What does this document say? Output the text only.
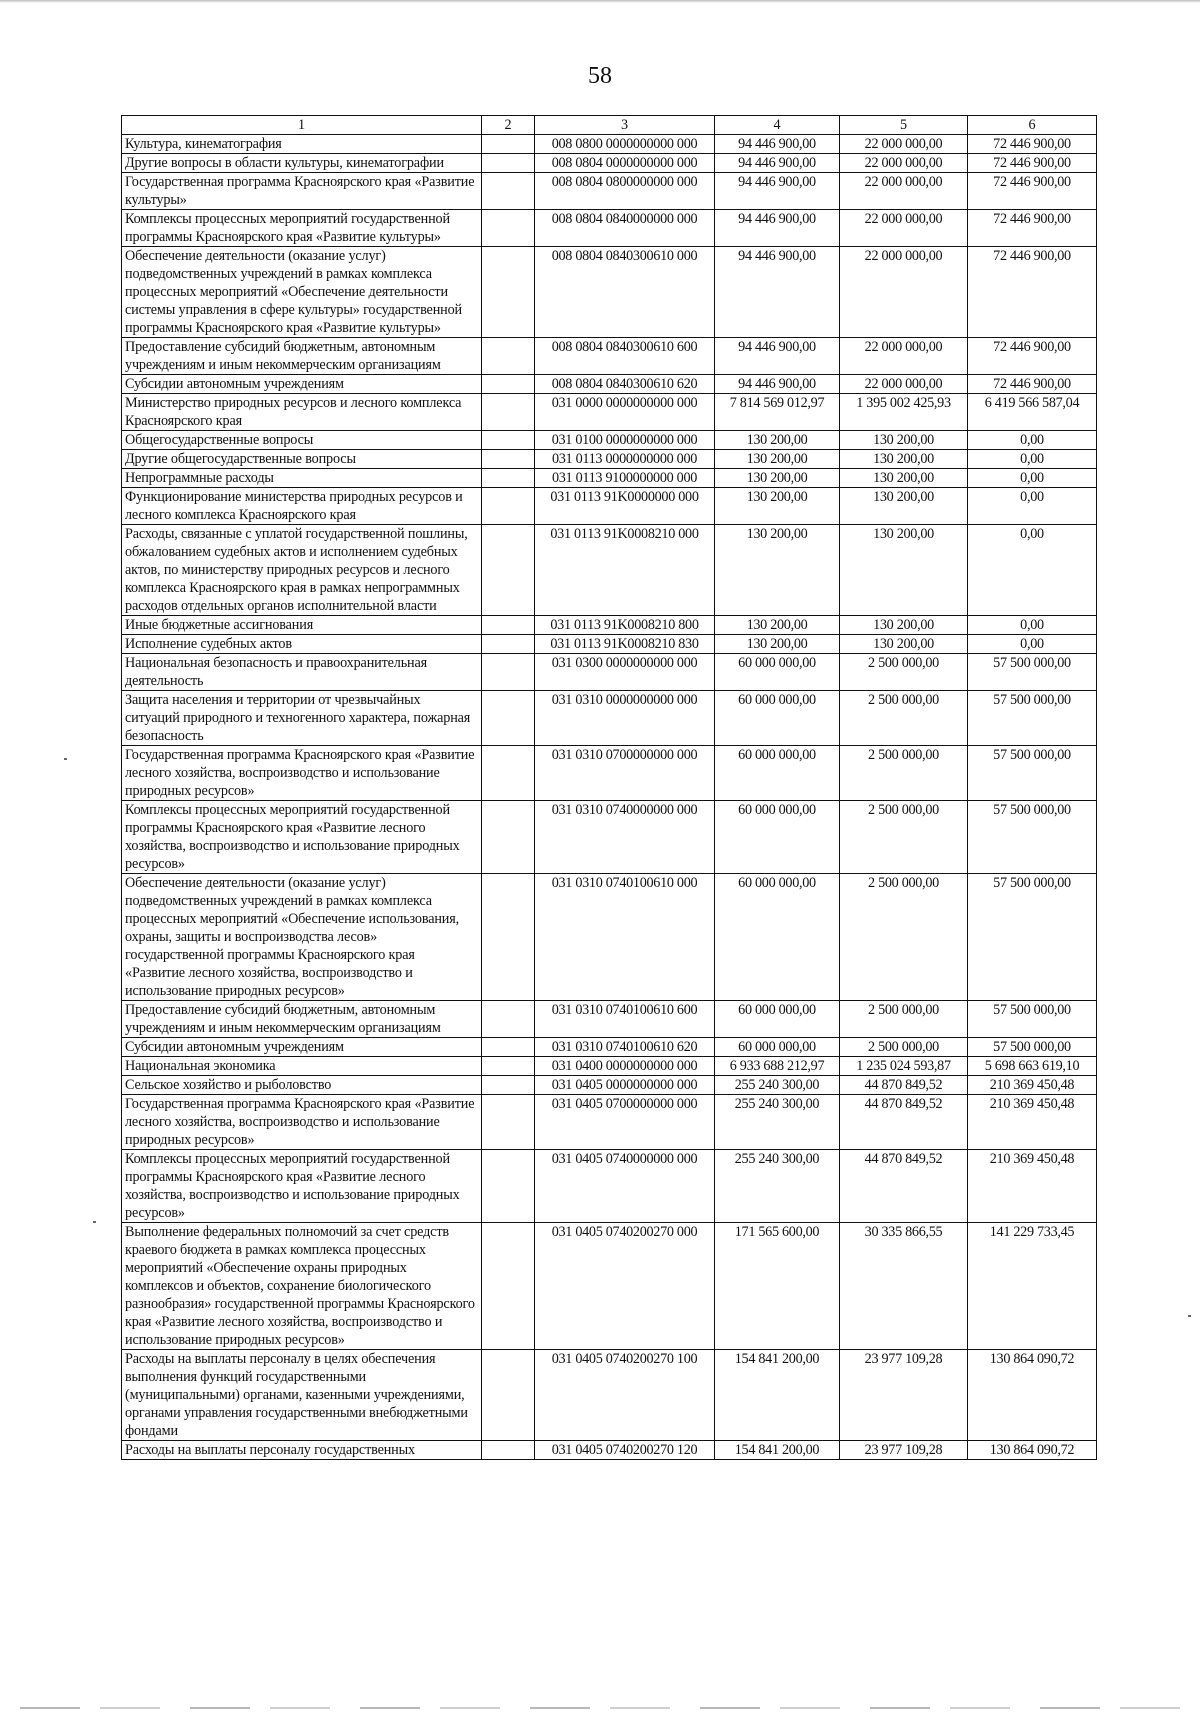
58
1	2	3	4	5	6
Культура, кинематография		008 0800 0000000000 000	94 446 900,00	22 000 000,00	72 446 900,00
Другие вопросы в области культуры, кинематографии		008 0804 0000000000 000	94 446 900,00	22 000 000,00	72 446 900,00
Государственная программа Красноярского края «Развитие культуры»		008 0804 0800000000 000	94 446 900,00	22 000 000,00	72 446 900,00
Комплексы процессных мероприятий государственной программы Красноярского края «Развитие культуры»		008 0804 0840000000 000	94 446 900,00	22 000 000,00	72 446 900,00
Обеспечение деятельности (оказание услуг) подведомственных учреждений в рамках комплекса процессных мероприятий «Обеспечение деятельности системы управления в сфере культуры» государственной программы Красноярского края «Развитие культуры»		008 0804 0840300610 000	94 446 900,00	22 000 000,00	72 446 900,00
Предоставление субсидий бюджетным, автономным учреждениям и иным некоммерческим организациям		008 0804 0840300610 600	94 446 900,00	22 000 000,00	72 446 900,00
Субсидии автономным учреждениям		008 0804 0840300610 620	94 446 900,00	22 000 000,00	72 446 900,00
Министерство природных ресурсов и лесного комплекса Красноярского края		031 0000 0000000000 000	7 814 569 012,97	1 395 002 425,93	6 419 566 587,04
Общегосударственные вопросы		031 0100 0000000000 000	130 200,00	130 200,00	0,00
Другие общегосударственные вопросы		031 0113 0000000000 000	130 200,00	130 200,00	0,00
Непрограммные расходы		031 0113 9100000000 000	130 200,00	130 200,00	0,00
Функционирование министерства природных ресурсов и лесного комплекса Красноярского края		031 0113 91K0000000 000	130 200,00	130 200,00	0,00
Расходы, связанные с уплатой государственной пошлины, обжалованием судебных актов и исполнением судебных актов, по министерству природных ресурсов и лесного комплекса Красноярского края в рамках непрограммных расходов отдельных органов исполнительной власти		031 0113 91K0008210 000	130 200,00	130 200,00	0,00
Иные бюджетные ассигнования		031 0113 91K0008210 800	130 200,00	130 200,00	0,00
Исполнение судебных актов		031 0113 91K0008210 830	130 200,00	130 200,00	0,00
Национальная безопасность и правоохранительная деятельность		031 0300 0000000000 000	60 000 000,00	2 500 000,00	57 500 000,00
Защита населения и территории от чрезвычайных ситуаций природного и техногенного характера, пожарная безопасность		031 0310 0000000000 000	60 000 000,00	2 500 000,00	57 500 000,00
Государственная программа Красноярского края «Развитие лесного хозяйства, воспроизводство и использование природных ресурсов»		031 0310 0700000000 000	60 000 000,00	2 500 000,00	57 500 000,00
Комплексы процессных мероприятий государственной программы Красноярского края «Развитие лесного хозяйства, воспроизводство и использование природных ресурсов»		031 0310 0740000000 000	60 000 000,00	2 500 000,00	57 500 000,00
Обеспечение деятельности (оказание услуг) подведомственных учреждений в рамках комплекса процессных мероприятий «Обеспечение использования, охраны, защиты и воспроизводства лесов» государственной программы Красноярского края «Развитие лесного хозяйства, воспроизводство и использование природных ресурсов»		031 0310 0740100610 000	60 000 000,00	2 500 000,00	57 500 000,00
Предоставление субсидий бюджетным, автономным учреждениям и иным некоммерческим организациям		031 0310 0740100610 600	60 000 000,00	2 500 000,00	57 500 000,00
Субсидии автономным учреждениям		031 0310 0740100610 620	60 000 000,00	2 500 000,00	57 500 000,00
Национальная экономика		031 0400 0000000000 000	6 933 688 212,97	1 235 024 593,87	5 698 663 619,10
Сельское хозяйство и рыболовство		031 0405 0000000000 000	255 240 300,00	44 870 849,52	210 369 450,48
Государственная программа Красноярского края «Развитие лесного хозяйства, воспроизводство и использование природных ресурсов»		031 0405 0700000000 000	255 240 300,00	44 870 849,52	210 369 450,48
Комплексы процессных мероприятий государственной программы Красноярского края «Развитие лесного хозяйства, воспроизводство и использование природных ресурсов»		031 0405 0740000000 000	255 240 300,00	44 870 849,52	210 369 450,48
Выполнение федеральных полномочий за счет средств краевого бюджета в рамках комплекса процессных мероприятий «Обеспечение охраны природных комплексов и объектов, сохранение биологического разнообразия» государственной программы Красноярского края «Развитие лесного хозяйства, воспроизводство и использование природных ресурсов»		031 0405 0740200270 000	171 565 600,00	30 335 866,55	141 229 733,45
Расходы на выплаты персоналу в целях обеспечения выполнения функций государственными (муниципальными) органами, казенными учреждениями, органами управления государственными внебюджетными фондами		031 0405 0740200270 100	154 841 200,00	23 977 109,28	130 864 090,72
Расходы на выплаты персоналу государственных		031 0405 0740200270 120	154 841 200,00	23 977 109,28	130 864 090,72
